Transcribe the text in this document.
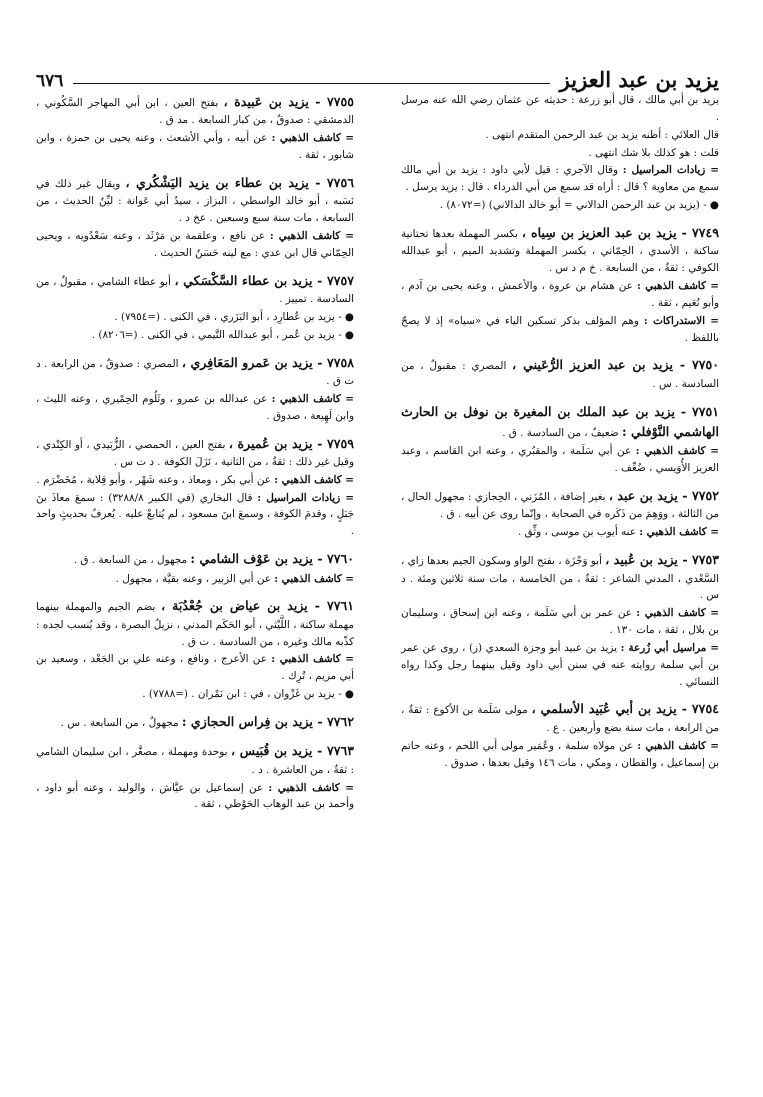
يزيد بن عبد العزيز
٦٧٦

يزيد بن أبي مالك ، قال أبو زرعة : حديثه عن عثمان رضي الله عنه مرسل .

قال العلائي : أظنه يزيد بن عبد الرحمن المتقدم انتهى .

قلت : هو كذلك بلا شك انتهى .

= زيادات المراسيل : وقال الآجري : قيل لأبي داود : يزيد بن أبي مالك سمع من معاوية ؟ قال : أراه قد سمع من أبي الدرداء . قال : يزيد يرسل .

● - (يزيد بن عبد الرحمن الدالاني = أبو خالد الدالاني) (=٨٠٧٢) .

٧٧٤٩ - يزيد بن عبد العزيز بن سِياه ، بكسر المهملة بعدها تحتانية ساكنة ، الأسدي ، الحِمّاني ، بكسر المهملة وتشديد الميم ، أبو عبدالله الكوفي : ثقةٌ ، من السابعة . خ م د س .

= كاشف الذهبي : عن هشام بن عروة ، والأعمش ، وعنه يحيى بن آدم ، وأبو نُعَيم ، ثقة .

= الاستدراكات : وهم المؤلف بذكر تسكين الياء في «سياه» إذ لا يصحّ باللفظ .

٧٧٥٠ - يزيد بن عبد العزيز الرُّعَيني ، المصري : مقبولٌ ، من السادسة . س .

٧٧٥١ - يزيد بن عبد الملك بن المغيرة بن نوفل بن الحارث الهاشمي النَّوْفلي : ضعيفٌ ، من السادسة . ق .

= كاشف الذهبي : عن أبي سَلَمة ، والمقبُري ، وعنه ابن القاسم ، وعبد العزيز الأُوَيسي ، ضُعِّف .

٧٧٥٢ - يزيد بن عبد ، بغير إضافة ، المُزَني ، الحِجازي : مجهول الحال ، من الثالثة ، ووَهِمَ من ذَكَره في الصحابة ، وإنّما روى عن أبيه . ق .

= كاشف الذهبي : عنه أيوب بن موسى ، وثِّق .

٧٧٥٣ - يزيد بن عُبيد ، أبو وَجْزَة ، بفتح الواو وسكون الجيم بعدها زاي ، السَّعْدي ، المدني الشاعر : ثقةٌ ، من الخامسة ، مات سنة ثلاثين ومئة . د س .

= كاشف الذهبي : عن عمر بن أبي سَلَمة ، وعنه ابن إسحاق ، وسليمان بن بلال ، ثقة ، مات ١٣٠ .

= مراسيل أبي زُرعة : يزيد بن عبيد أبو وجزة السعدي (ز) ، روى عن عمر بن أبي سلمة روايته عنه في سنن أبي داود وقيل بينهما رجل وكذا رواه النسائي .

٧٧٥٤ - يزيد بن أبي عُبَيد الأسلمي ، مولى سَلَمة بن الأكوع : ثقةٌ ، من الرابعة ، مات سنة بضع وأربعين . ع .

= كاشف الذهبي : عن مولاه سلمة ، وعُمَير مولى أبي اللحم ، وعنه حاتم بن إسماعيل ، والقطان ، ومكي ، مات ١٤٦ وقيل بعدها ، صدوق .

٧٧٥٥ - يزيد بن عَبيدة ، بفتح العين ، ابن أبي المهاجر السَّكُوني ، الدمشقي : صدوقٌ ، من كبار السابعة . مد ق .

= كاشف الذهبي : عن أبيه ، وأبي الأشعث ، وعنه يحيى بن حمزة ، وابن شابور ، ثقة .

٧٧٥٦ - يزيد بن عطاء بن يزيد اليَشْكُري ، ويقال غير ذلك في نَسَبه ، أبو خالد الواسطي ، البزاز ، سيدُ أبي عَوانة : ليِّنُ الحديث ، من السابعة ، مات سنة سبع وسبعين . عخ د .

= كاشف الذهبي : عن نافع ، وعلقمة بن مَرْثَد ، وعنه سَعْدُويه ، ويحيى الحِمّاني قال ابن عدي : مع لينه حَسَنُ الحديث .

٧٧٥٧ - يزيد بن عطاء السَّكْسَكي ، أبو عطاء الشامي ، مقبولٌ ، من السادسة . تمييز .

● - يزيد بن عُطارِد ، أبو البَزَري ، في الكنى . (=٧٩٥٤) .

● - يزيد بن عُمر ، أبو عبدالله التَّيمي ، في الكنى . (=٨٢٠٦) .

٧٧٥٨ - يزيد بن عَمرو المَعَافِري ، المصري : صدوقٌ ، من الرابعة . د ت ق .

= كاشف الذهبي : عن عبدالله بن عمرو ، وثَلُوم الحِمْيري ، وعنه الليث ، وابن لَهِيعة ، صدوق .

٧٧٥٩ - يزيد بن عُميرة ، بفتح العين ، الحمصي ، الزُّبَيدي ، أو الكِنْدي ، وقيل غير ذلك : ثقةٌ ، من الثانية ، نَزَلَ الكوفة . د ت س .

= كاشف الذهبي : عن أبي بكر ، ومعاذ ، وعنه شَهْر ، وأبو قِلابة ، مُخَضْرَم .

= زيادات المراسيل : قال البخاري (في الكبير ٣٢٨٨/٨) : سمعَ معاذَ بنَ جَبَلٍ ، وقدمَ الكوفة ، وسمعَ ابنَ مسعود ، لم يُتابعْ عليه . يُعرفُ بحديثٍ واحد .

٧٧٦٠ - يزيد بن عَوْف الشامي : مجهول ، من السابعة . ق .

= كاشف الذهبي : عن أبي الزبير ، وعنه بقيَّة ، مجهول .

٧٧٦١ - يزيد بن عياض بن جُعْدُبَة ، بضم الجيم والمهملة بينهما مهملة ساكنة ، اللَّيْثي ، أبو الحَكَم المدني ، نزيلُ البصرة ، وقد يُنسب لجده : كذّبه مالك وغيره ، من السادسة . ت ق .

= كاشف الذهبي : عن الأعرج ، ونافع ، وعنه علي بن الجَعْد ، وسعيد بن أبي مريم ، تُرِك .

● - يزيد بن غَزْوان ، في : ابن نَمْران . (=٧٧٨٨) .

٧٧٦٢ - يزيد بن فِراس الحجازي : مجهولٌ ، من السابعة . س .

٧٧٦٣ - يزيد بن قُبَيس ، بوحدة ومهملة ، مصغَّر ، ابن سليمان الشامي : ثقةٌ ، من العاشرة . د .

= كاشف الذهبي : عن إسماعيل بن عيَّاش ، والوليد ، وعنه أبو داود ، وأحمد بن عبد الوهاب الحَوْطي ، ثقة .
